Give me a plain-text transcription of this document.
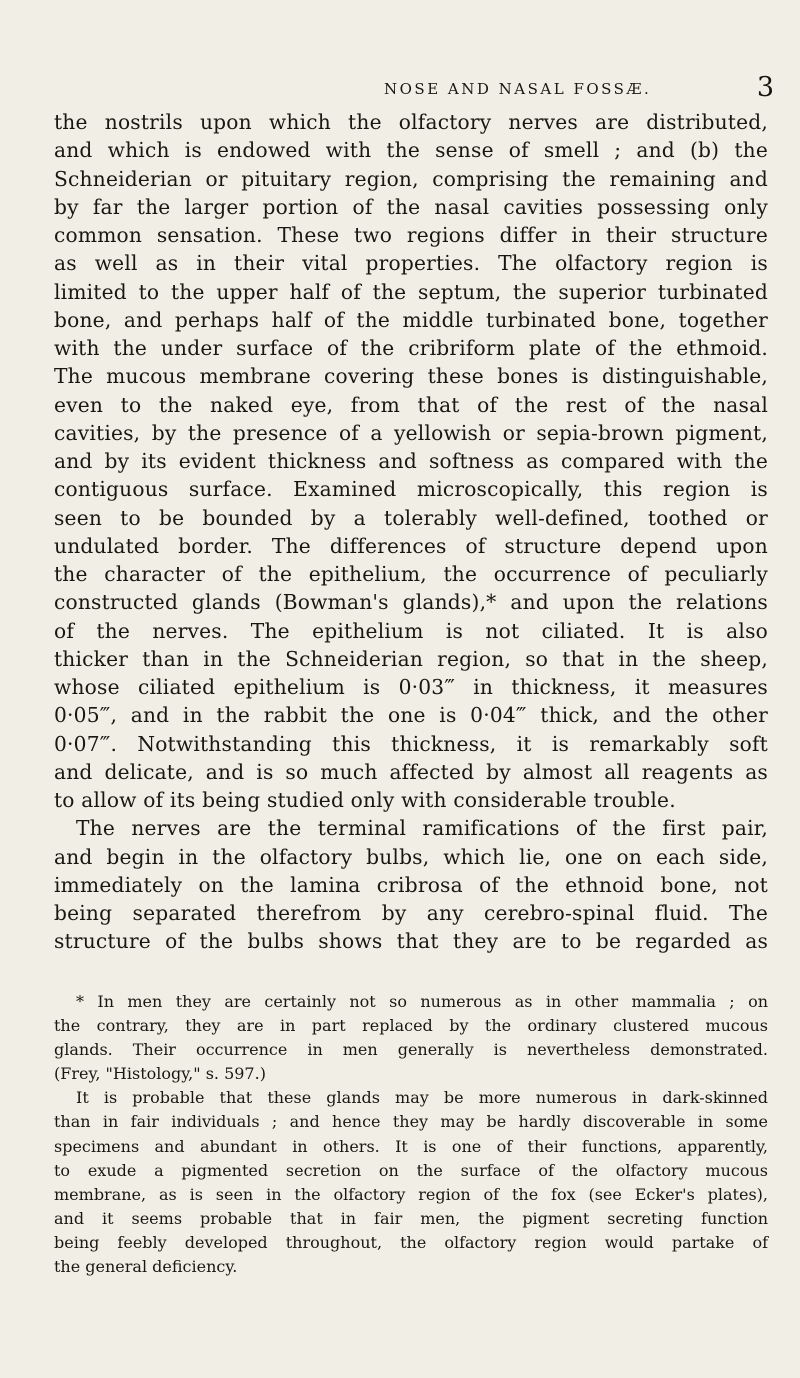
NOSE AND NASAL FOSSÆ.	3
the nostrils upon which the olfactory nerves are distributed,
and which is endowed with the sense of smell ; and (b) the
Schneiderian or pituitary region, comprising the remaining and
by far the larger portion of the nasal cavities possessing only
common sensation. These two regions differ in their structure
as well as in their vital properties. The olfactory region is
limited to the upper half of the septum, the superior turbinated
bone, and perhaps half of the middle turbinated bone, together
with the under surface of the cribriform plate of the ethmoid.
The mucous membrane covering these bones is distinguishable,
even to the naked eye, from that of the rest of the nasal
cavities, by the presence of a yellowish or sepia-brown pigment,
and by its evident thickness and softness as compared with the
contiguous surface. Examined microscopically, this region is
seen to be bounded by a tolerably well-defined, toothed or
undulated border. The differences of structure depend upon
the character of the epithelium, the occurrence of peculiarly
constructed glands (Bowman's glands),* and upon the relations
of the nerves. The epithelium is not ciliated. It is also
thicker than in the Schneiderian region, so that in the sheep,
whose ciliated epithelium is 0·03‴ in thickness, it measures
0·05‴, and in the rabbit the one is 0·04‴ thick, and the other
0·07‴. Notwithstanding this thickness, it is remarkably soft
and delicate, and is so much affected by almost all reagents as
to allow of its being studied only with considerable trouble.
The nerves are the terminal ramifications of the first pair,
and begin in the olfactory bulbs, which lie, one on each side,
immediately on the lamina cribrosa of the ethnoid bone, not
being separated therefrom by any cerebro-spinal fluid. The
structure of the bulbs shows that they are to be regarded as
* In men they are certainly not so numerous as in other mammalia ; on
the contrary, they are in part replaced by the ordinary clustered mucous
glands. Their occurrence in men generally is nevertheless demonstrated.
(Frey, "Histology," s. 597.)
It is probable that these glands may be more numerous in dark-skinned
than in fair individuals ; and hence they may be hardly discoverable in some
specimens and abundant in others. It is one of their functions, apparently,
to exude a pigmented secretion on the surface of the olfactory mucous
membrane, as is seen in the olfactory region of the fox (see Ecker's plates),
and it seems probable that in fair men, the pigment secreting function
being feebly developed throughout, the olfactory region would partake of
the general deficiency.
